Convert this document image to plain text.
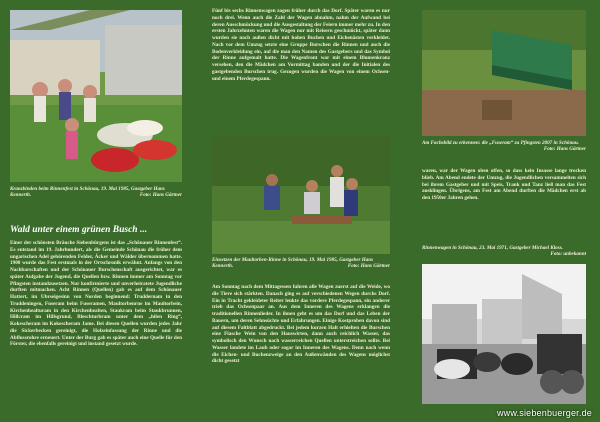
Kranzbinden beim Rinnenfest in Schönau, 19. Mai 1985, Gastgeber Hans Kennerth.	Foto: Hans Gärtner
Wald unter einem grünen Busch ...

Einer der schönsten Bräuche Siebenbürgens ist das „Schönauer Rinnenfest“. Es entstand im 19. Jahrhundert, als die Gemeinde Schönau die früher dem ungarischen Adel gehörenden Felder, Äcker und Wälder übernommen hatte. 1900 wurde das Fest erstmals in der Ortschronik erwähnt. Anfangs von den Nachbarschaften und der Schönauer Burschenschaft ausgerichtet, war es später Aufgabe der Jugend, die Quellen bzw. Rinnen immer am Sonntag vor Pfingsten instandzusetzen. Nur konfirmierte und unverheiratete Jugendliche durften mitmachen. Acht Rinnen (Quellen) gab es auf dem Schönauer Hattert, im Ubrseigesinn von Norden beginnend: Truddernam in den Truddeningen, Fuseram beim Fuseramen, Maultorbenrne im Maultorbein, Kirchenhealturam in den Kirchenhealten, Staukram beim Staukbrunnen, Hillcram im Hillsgrund, Bleschturbram unter dem „hilen Ring“, Kokescheram im Kokescheram Jame. Bei diesen Quellen wurden jedes Jahr die Sickerbecken gereinigt, die Holzeinfassung der Rinne und die Abflussrohre erneuert. Unter der Burg gab es später auch eine Quelle für den Förster, die ebenfalls gereinigt und instand gesetzt wurde.

Fünf bis sechs Rinnenwagen zogen früher durch das Dorf. Später waren es nur noch drei. Wenn auch die Zahl der Wagen abnahm, nahm der Aufwand bei deren Ausschmückung und die Ausgestaltung der Feiern immer mehr zu. In den ersten Jahrzehnten waren die Wagen nur mit Reisern geschmückt, später dann wurden sie noch außen dicht mit hohen Buchen und Eichenästen verkleidet. Nach vor dem Umzug setzte eine Gruppe Burschen die Rinnen und auch die Bodenverkleidung ein, auf die man den Namen des Gastgebers und das Symbol der Rinne aufgemalt hatte. Die Wagenfront war mit einem Blumenkranz versehen, den die Mädchen am Vormittag banden und der die Initialen des gastgebenden Burschen trug. Gezogen wurden die Wagen von einem Ochsen- und einem Pferdegespann.

Einsetzen der Maultorben-Rinne in Schönau, 19. Mai 1985, Gastgeber Hans Kennerth.	Foto: Hans Gärtner

Am Sonntag nach dem Mittagessen fuhren alle Wagen zuerst auf die Weide, wo die Tiere sich stärkten. Danach ging es auf verschiedenen Wegen durchs Dorf. Ein in Tracht gekleideter Reiter lenkte das vordere Pferdegespann, ein anderer trieb das Ochsenpaar an. Aus dem Inneren des Wagens erklangen die traditionellen Rinnenlieder. In ihnen geht es um das Dorf und das Leben der Bauern, um deren Sehnsüchte und Erfahrungen. Einige Kostproben davon sind auf diesem Faltblatt abgedruckt. Bei jedem kurzen Halt erhielten die Burschen eine Flasche Wein von den Hauswirten, dann auch reichlich Wasser, das symbolisch den Wunsch nach wasserreichen Quellen unterstreichen sollte. Bei Wasser landete im Laub oder sogar im Inneren des Wagens. Denn nach wenn die Eichen- und Buchenzweige an den Außenwänden des Wagens möglichst dicht gesetzt

Am Fachsbild zu erkennen: die „Fuseram“ zu Pfingsten 2007 in Schönau.
Foto: Hans Gärtner

waren, war der Wagen oben offen, so dass kein Insasse lange trocken blieb. Am Abend endete der Umzug, die Jugendlichen versammelten sich bei ihrem Gastgeber und mit Speis, Trank und Tanz ließ man das Fest ausklingen. Übrigens, am Fest am Abend durften die Mädchen erst ab den 1950er Jahren gehen.

Rinnenwagen in Schönau, 23. Mai 1971, Gastgeber Michael Kloss.
Foto: unbekannt
www.siebenbuerger.de
